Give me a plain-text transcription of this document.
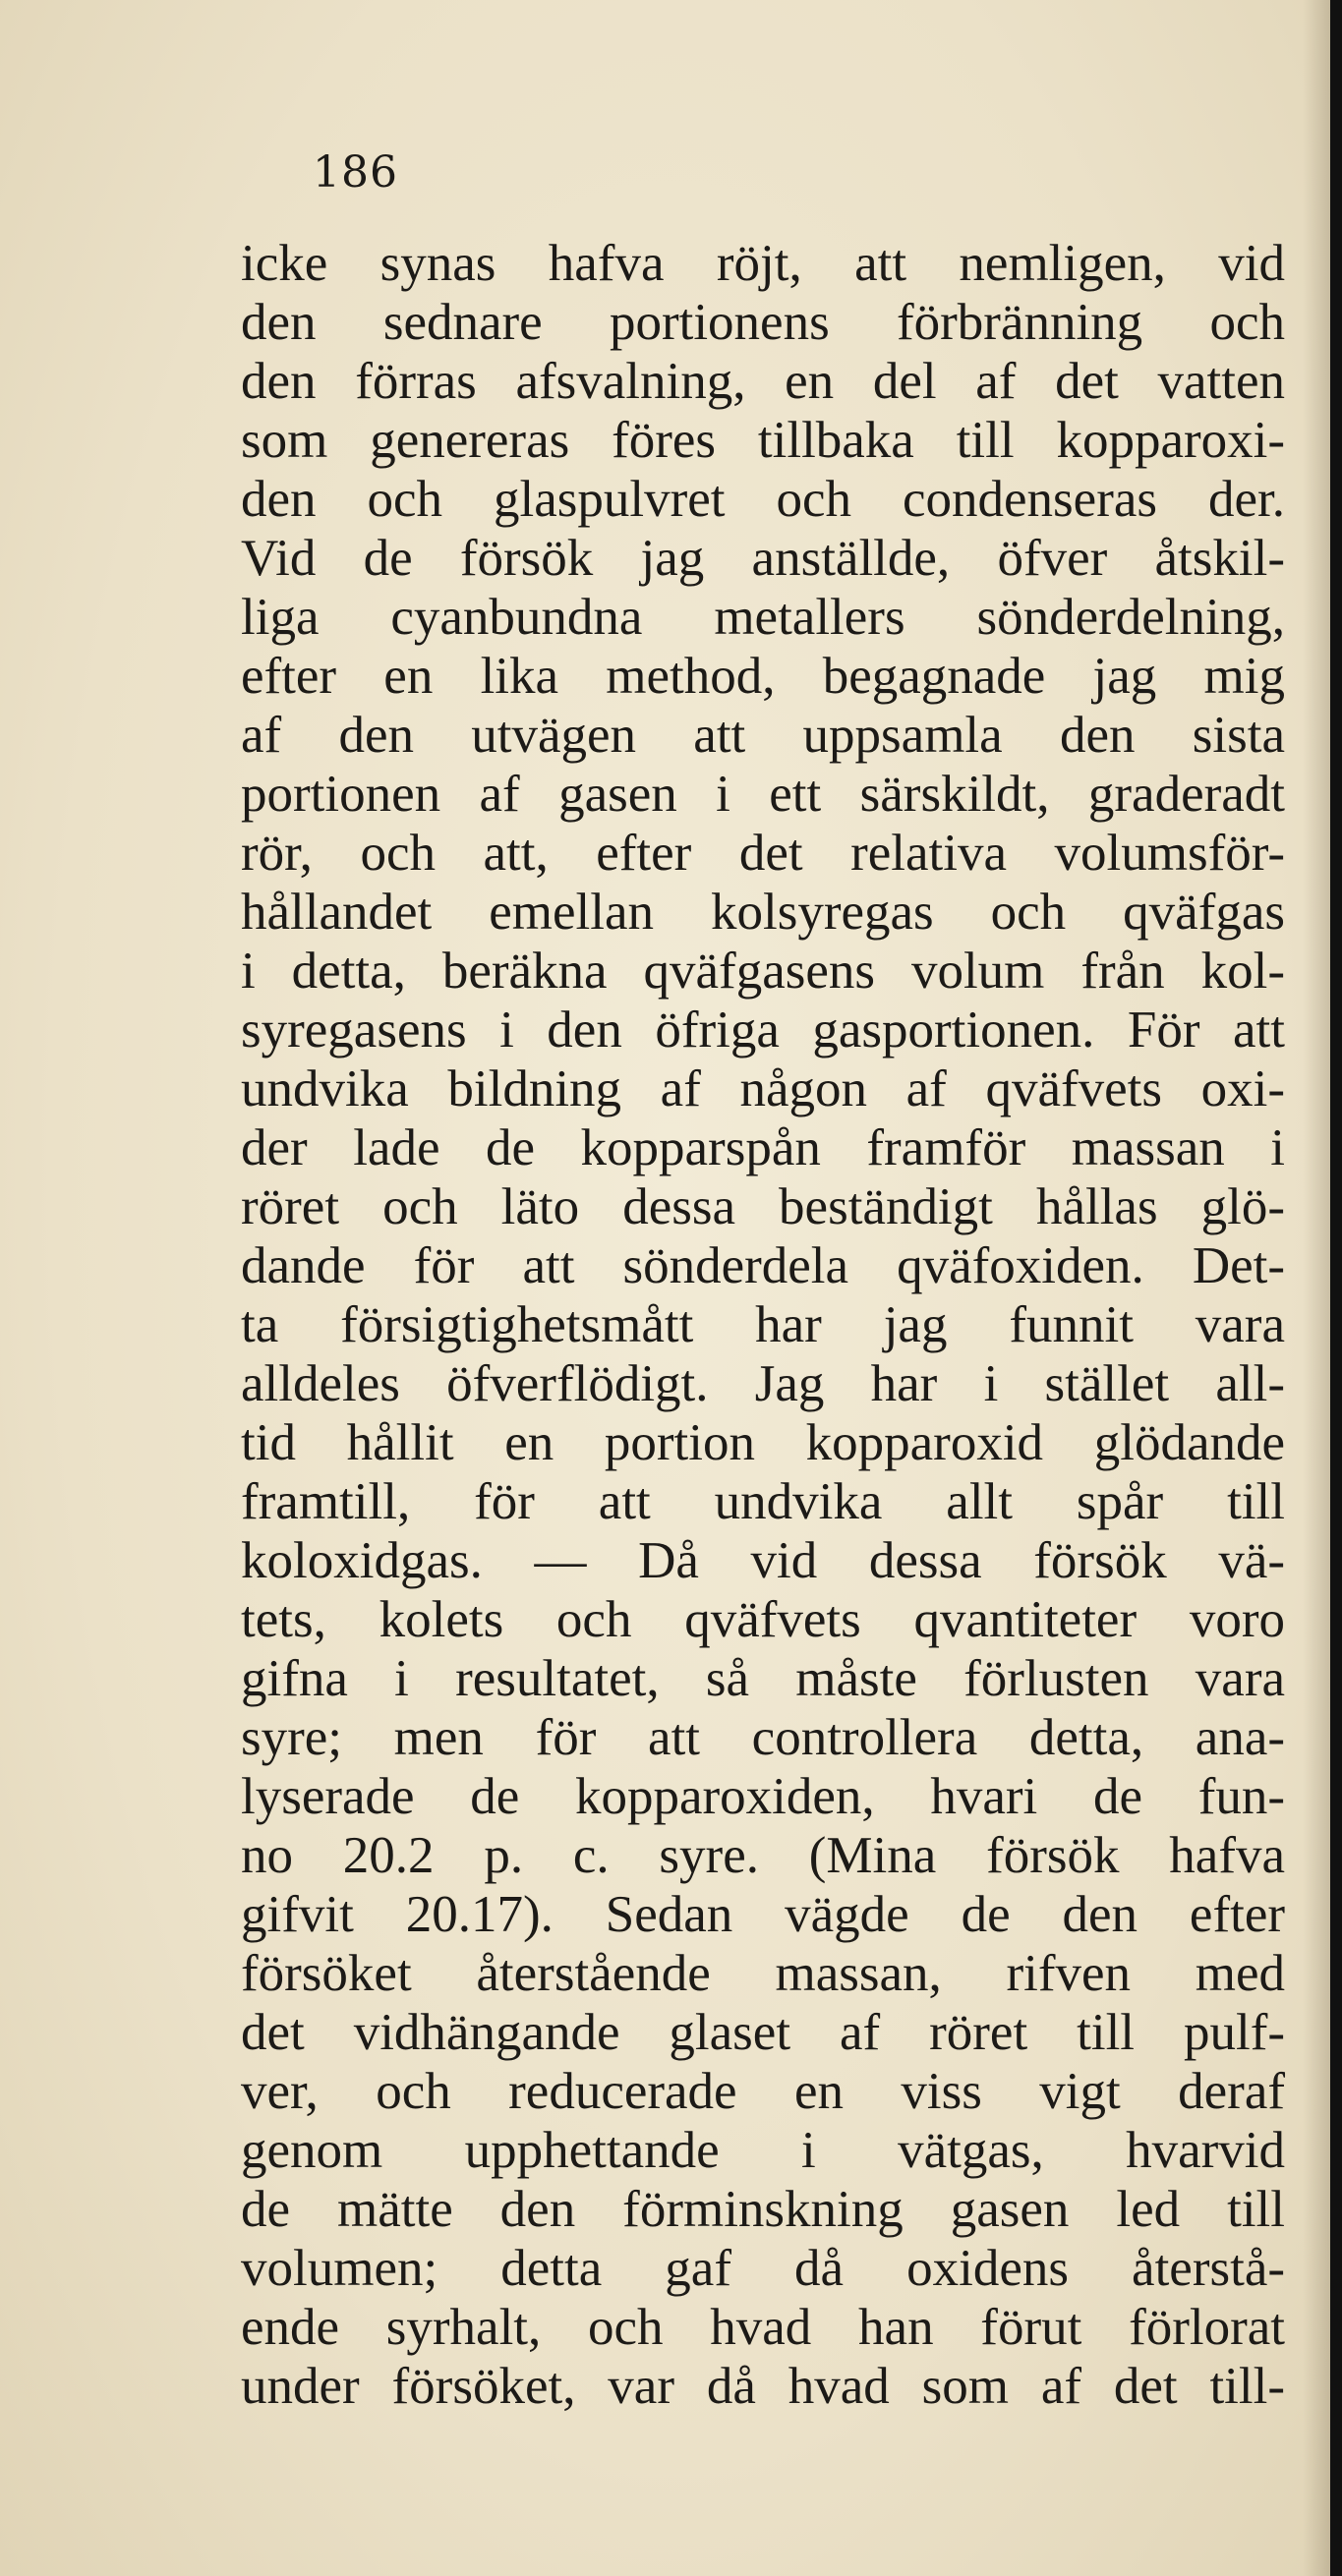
186
icke synas hafva röjt, att nemligen, vid
den sednare portionens förbränning och
den förras afsvalning, en del af det vatten
som genereras föres tillbaka till kopparoxi-
den och glaspulvret och condenseras der.
Vid de försök jag anställde, öfver åtskil-
liga cyanbundna metallers sönderdelning,
efter en lika method, begagnade jag mig
af den utvägen att uppsamla den sista
portionen af gasen i ett särskildt, graderadt
rör, och att, efter det relativa volumsför-
hållandet emellan kolsyregas och qväfgas
i detta, beräkna qväfgasens volum från kol-
syregasens i den öfriga gasportionen. För att
undvika bildning af någon af qväfvets oxi-
der lade de kopparspån framför massan i
röret och läto dessa beständigt hållas glö-
dande för att sönderdela qväfoxiden. Det-
ta försigtighetsmått har jag funnit vara
alldeles öfverflödigt. Jag har i stället all-
tid hållit en portion kopparoxid glödande
framtill, för att undvika allt spår till
koloxidgas. — Då vid dessa försök vä-
tets, kolets och qväfvets qvantiteter voro
gifna i resultatet, så måste förlusten vara
syre; men för att controllera detta, ana-
lyserade de kopparoxiden, hvari de fun-
no 20.2 p. c. syre. (Mina försök hafva
gifvit 20.17). Sedan vägde de den efter
försöket återstående massan, rifven med
det vidhängande glaset af röret till pulf-
ver, och reducerade en viss vigt deraf
genom upphettande i vätgas, hvarvid
de mätte den förminskning gasen led till
volumen; detta gaf då oxidens återstå-
ende syrhalt, och hvad han förut förlorat
under försöket, var då hvad som af det till-
